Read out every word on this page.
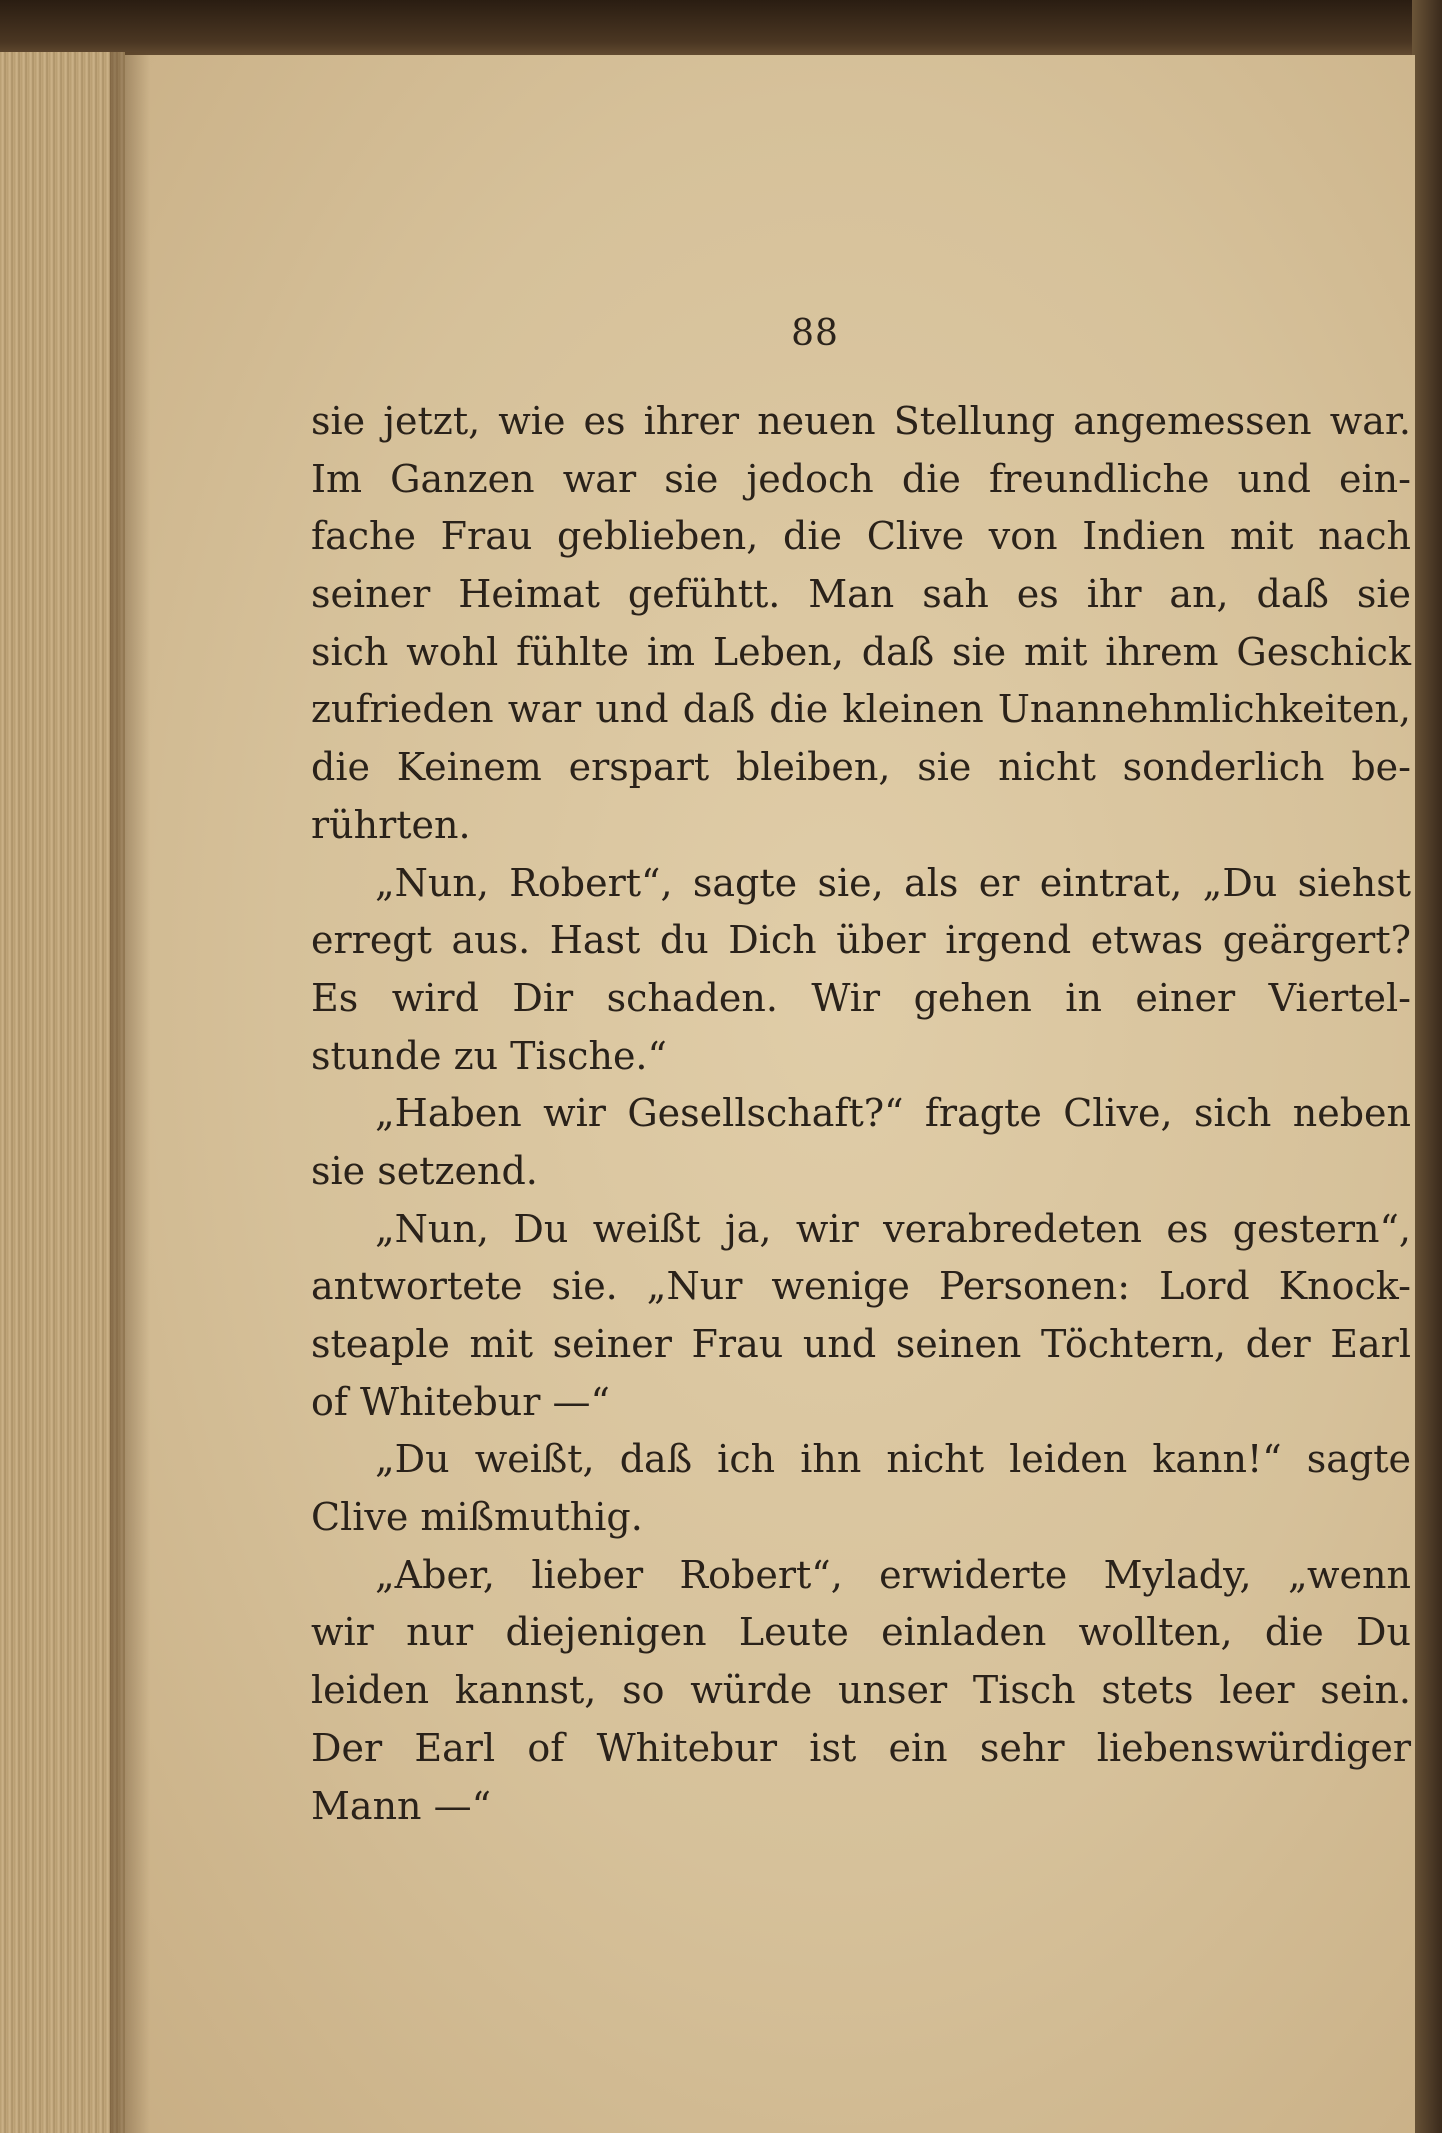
88
sie jetzt, wie es ihrer neuen Stellung angemessen war.
Im Ganzen war sie jedoch die freundliche und ein-
fache Frau geblieben, die Clive von Indien mit nach
seiner Heimat gefühtt. Man sah es ihr an, daß sie
sich wohl fühlte im Leben, daß sie mit ihrem Geschick
zufrieden war und daß die kleinen Unannehmlichkeiten,
die Keinem erspart bleiben, sie nicht sonderlich be-
rührten.
„Nun, Robert“, sagte sie, als er eintrat, „Du siehst
erregt aus. Hast du Dich über irgend etwas geärgert?
Es wird Dir schaden. Wir gehen in einer Viertel-
stunde zu Tische.“
„Haben wir Gesellschaft?“ fragte Clive, sich neben
sie setzend.
„Nun, Du weißt ja, wir verabredeten es gestern“,
antwortete sie. „Nur wenige Personen: Lord Knock-
steaple mit seiner Frau und seinen Töchtern, der Earl
of Whitebur —“
„Du weißt, daß ich ihn nicht leiden kann!“ sagte
Clive mißmuthig.
„Aber, lieber Robert“, erwiderte Mylady, „wenn
wir nur diejenigen Leute einladen wollten, die Du
leiden kannst, so würde unser Tisch stets leer sein.
Der Earl of Whitebur ist ein sehr liebenswürdiger
Mann —“
